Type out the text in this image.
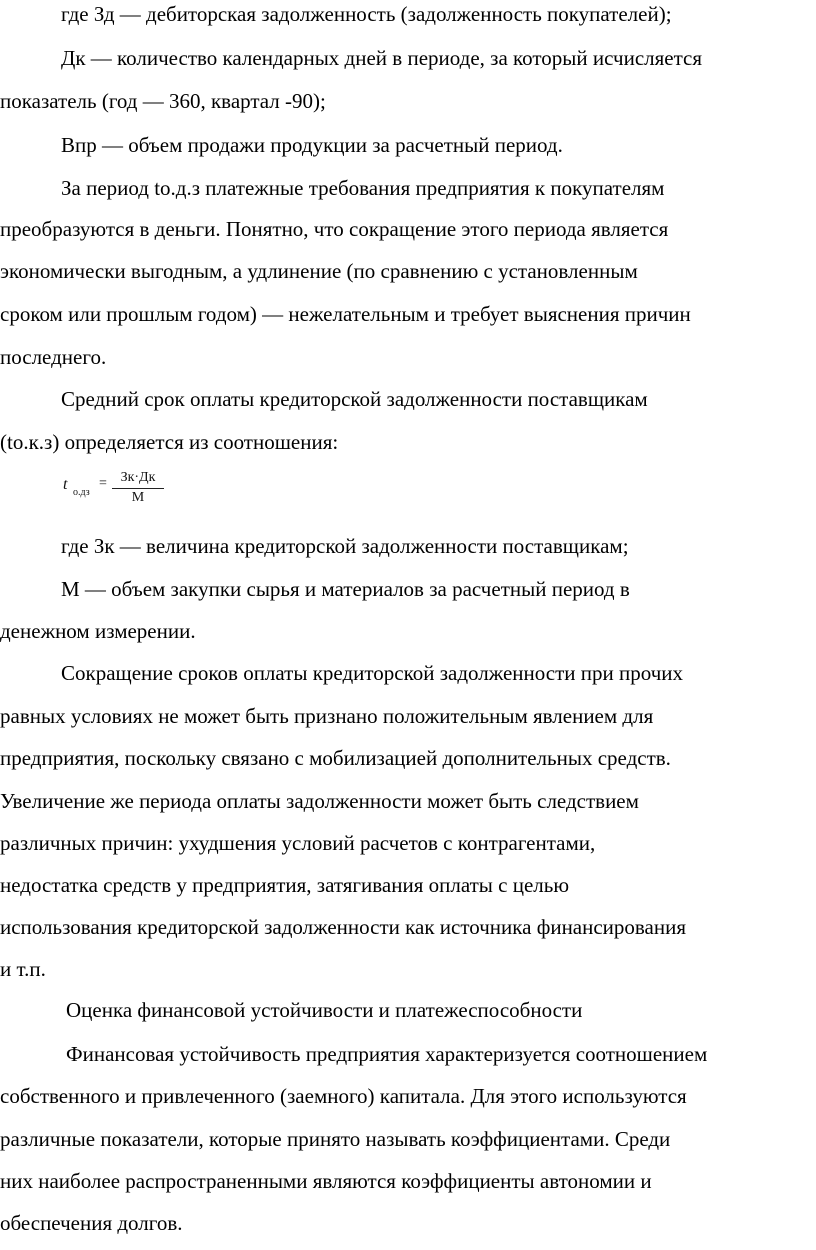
где Зд — дебиторская задолженность (задолженность покупателей);
Дк — количество календарных дней в периоде, за который исчисляется
показатель (год — 360, квартал -90);
Впр — объем продажи продукции за расчетный период.
За период to.д.з платежные требования предприятия к покупателям
преобразуются в деньги. Понятно, что сокращение этого периода является
экономически выгодным, а удлинение (по сравнению с установленным
сроком или прошлым годом) — нежелательным и требует выяснения причин
последнего.
Средний срок оплаты кредиторской задолженности поставщикам
(tо.к.з) определяется из соотношения:
t о.дз
= Зк·Дк
М
где Зк — величина кредиторской задолженности поставщикам;
М — объем закупки сырья и материалов за расчетный период в
денежном измерении.
Сокращение сроков оплаты кредиторской задолженности при прочих
равных условиях не может быть признано положительным явлением для
предприятия, поскольку связано с мобилизацией дополнительных средств.
Увеличение же периода оплаты задолженности может быть следствием
различных причин: ухудшения условий расчетов с контрагентами,
недостатка средств у предприятия, затягивания оплаты с целью
использования кредиторской задолженности как источника финансирования
и т.п.
Оценка финансовой устойчивости и платежеспособности
Финансовая устойчивость предприятия характеризуется соотношением
собственного и привлеченного (заемного) капитала. Для этого используются
различные показатели, которые принято называть коэффициентами. Среди
них наиболее распространенными являются коэффициенты автономии и
обеспечения долгов.
